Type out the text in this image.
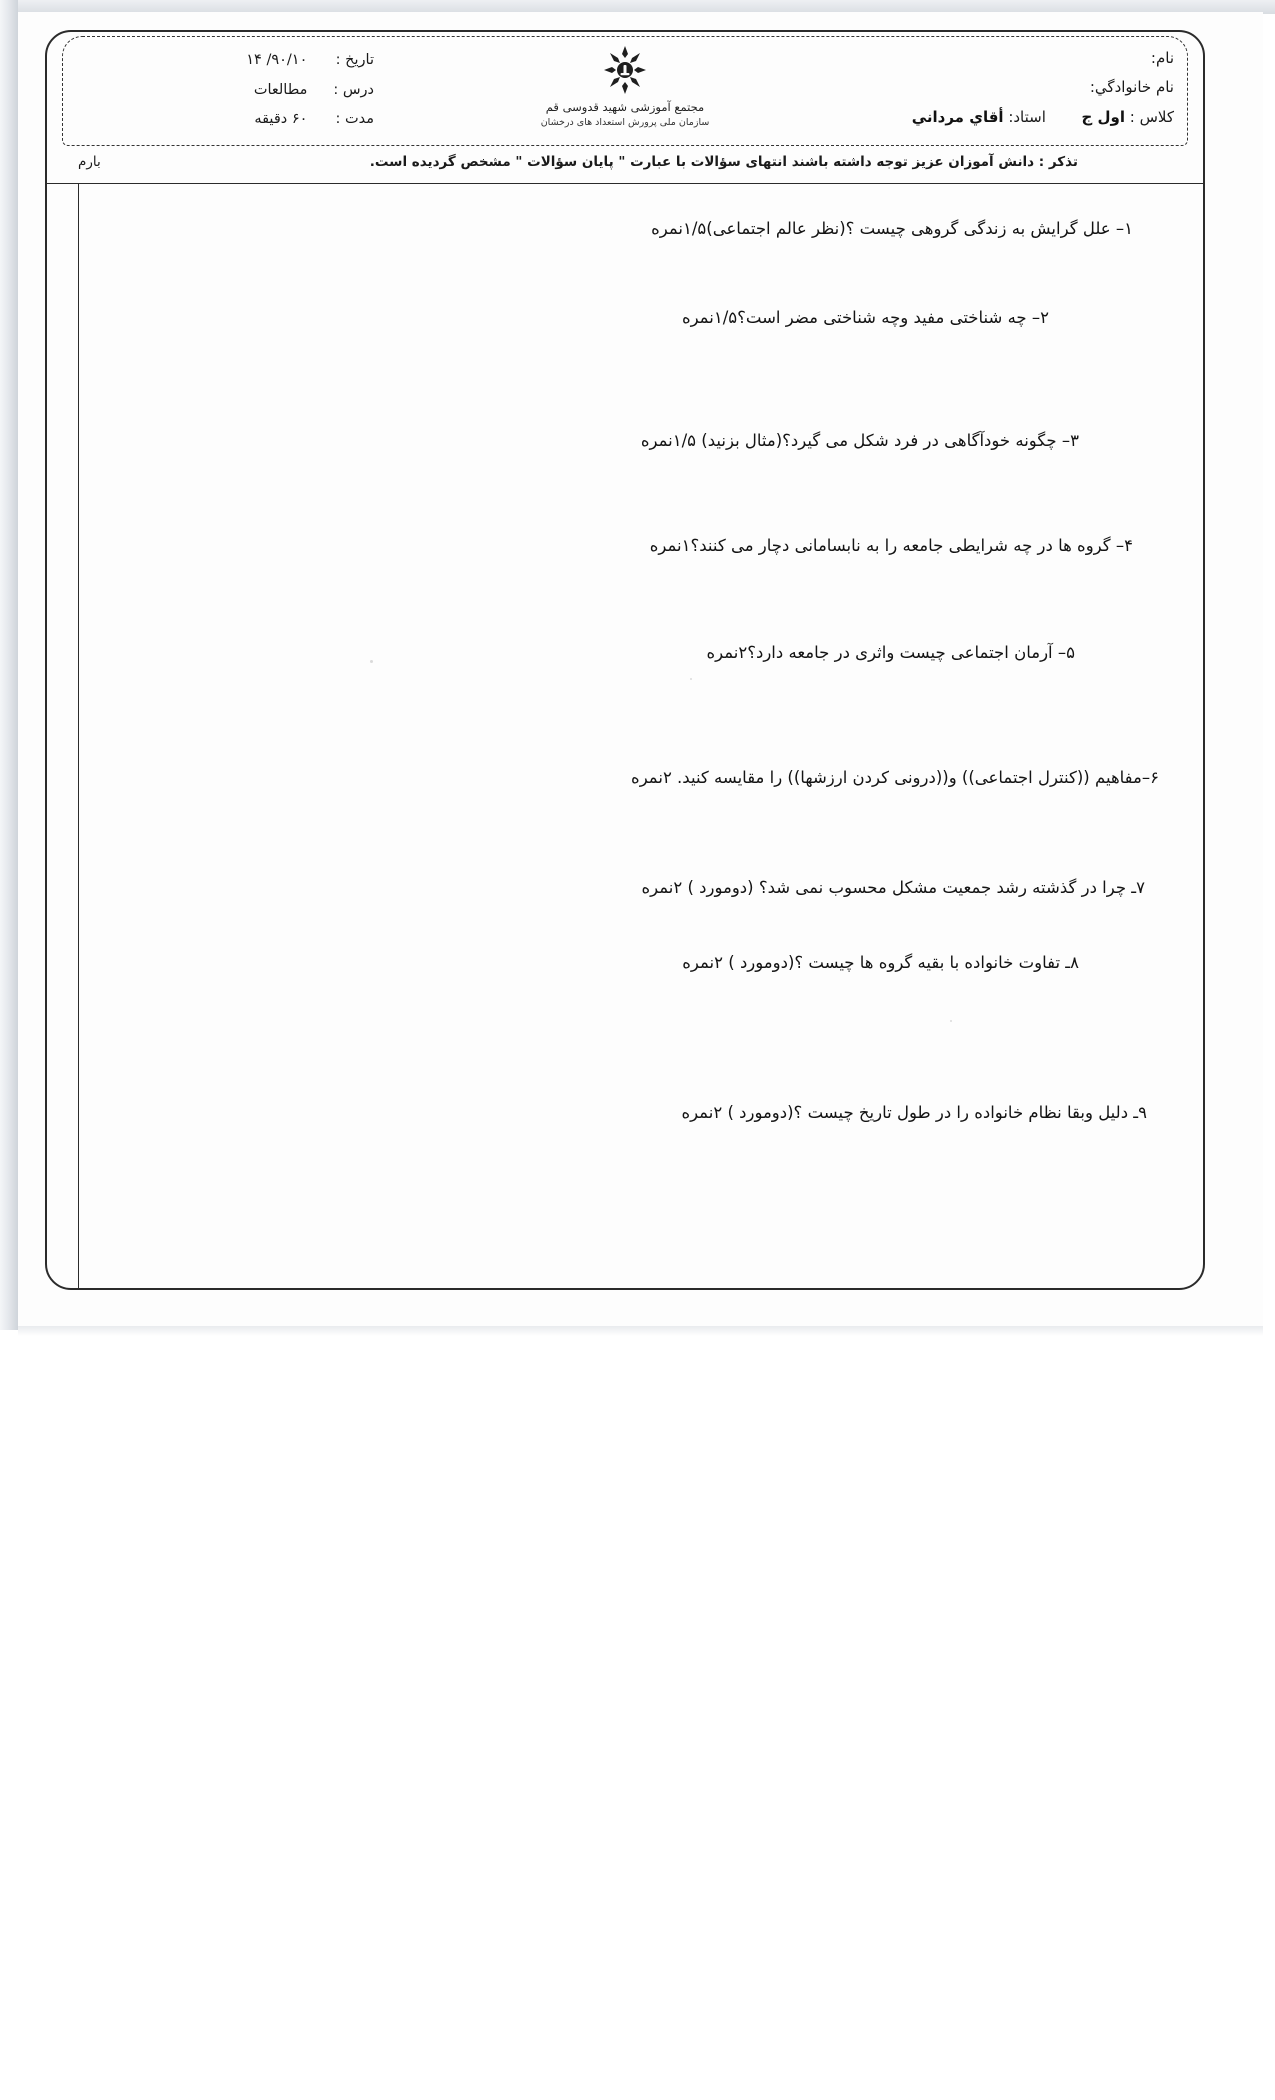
نام:
نام خانوادگي:
کلاس : اول ج  استاد: أقاي مرداني
مجتمع آموزشی شهید قدوسی قم
سازمان ملی پرورش استعداد های درخشان
تاریخ : ۹۰/۱۰/ ۱۴
درس : مطالعات
مدت : ۶۰ دقیقه
تذکر : دانش آموزان عزیز توجه داشته باشند انتهای سؤالات با عبارت " پایان سؤالات " مشخص گردیده است.
بارم
۱– علل گرایش به زندگی گروهی چیست ؟(نظر عالم اجتماعی)۱/۵نمره
۲– چه شناختی مفید وچه شناختی مضر است؟۱/۵نمره
۳– چگونه خودآگاهی در فرد شکل می گیرد؟(مثال بزنید) ۱/۵نمره
۴– گروه ها در چه شرایطی جامعه را به نابسامانی دچار می کنند؟۱نمره
۵– آرمان اجتماعی چیست واثری در جامعه دارد؟۲نمره
۶–مفاهیم ((کنترل اجتماعی)) و((درونی کردن ارزشها)) را مقایسه کنید. ۲نمره
۷ـ چرا در گذشته رشد جمعیت مشکل محسوب نمی شد؟ (دومورد ) ۲نمره
۸ـ تفاوت خانواده با بقیه گروه ها چیست ؟(دومورد ) ۲نمره
۹ـ دلیل وبقا نظام خانواده را در طول تاریخ چیست ؟(دومورد ) ۲نمره
